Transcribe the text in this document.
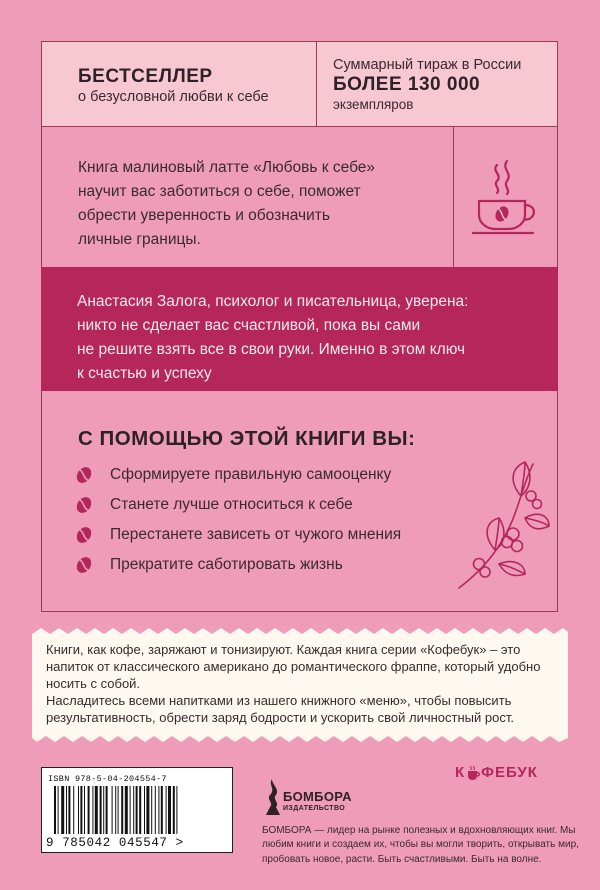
БЕСТСЕЛЛЕР
о безусловной любви к себе
Суммарный тираж в России
БОЛЕЕ 130 000
экземпляров
Книга малиновый латте «Любовь к себе»
научит вас заботиться о себе, поможет
обрести уверенность и обозначить
личные границы.
Анастасия Залога, психолог и писательница, уверена:
никто не сделает вас счастливой, пока вы сами
не решите взять все в свои руки. Именно в этом ключ
к счастью и успеху
С ПОМОЩЬЮ ЭТОЙ КНИГИ ВЫ:
Сформируете правильную самооценку
Станете лучше относиться к себе
Перестанете зависеть от чужого мнения
Прекратите саботировать жизнь

Книги, как кофе, заряжают и тонизируют. Каждая книга серии «Кофебук» – это напиток от классического американо до романтического фраппе, который удобно носить с собой.

Насладитесь всеми напитками из нашего книжного «меню», чтобы повысить результативность, обрести заряд бодрости и ускорить свой личностный рост.

ISBN 978-5-04-204554-7
9 785042 045547 >
БОМБОРА
ИЗДАТЕЛЬСТВО
К ФЕБУК
БОМБОРА — лидер на рынке полезных и вдохновляющих книг. Мы любим книги и создаем их, чтобы вы могли творить, открывать мир, пробовать новое, расти. Быть счастливыми. Быть на волне.
